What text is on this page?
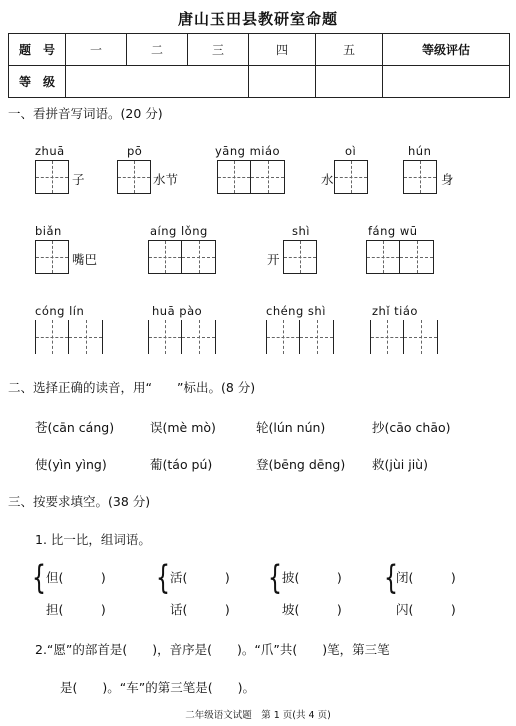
唐山玉田县教研室命题
题　号	一	二	三	四	五	等级评估
等　级						
一、看拼音写词语。(20 分)
zhuā
子
pō
水节
yāng miáo	oì
水
hún
身
biǎn
嘴巴
aíng lǒng	shì
开
fáng wū
cóng lín	huā pào	chéng shì	zhǐ tiáo
二、选择正确的读音，用“　　”标出。(8 分)
苍(cān cáng)	误(mè mò)	轮(lún nún)	抄(cāo chāo)
使(yìn yìng)	葡(táo pú)	登(bēng dēng) 救(jùi jiù)
三、按要求填空。(38 分)
1. 比一比，组词语。
{ 但(　　　)
担(　　　)
{ 活(　　　)
话(　　　)
{ 披(　　　)
坡(　　　)
{
闭(　　　)
闪(　　　)
2.“愿”的部首是(　　)，音序是(　　)。“爪”共(　　)笔，第三笔
是(　　)。“车”的第三笔是(　　)。
二年级语文试题　第 1 页(共 4 页)
